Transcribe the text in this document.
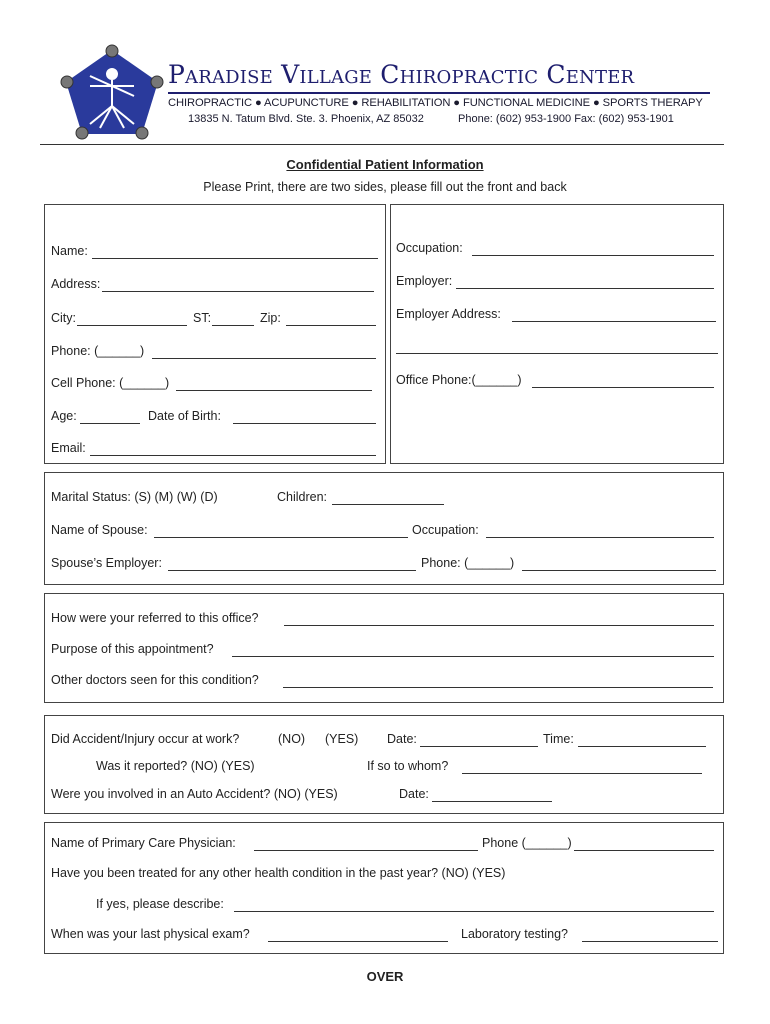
Paradise Village Chiropractic Center
CHIROPRACTIC ● ACUPUNCTURE ● REHABILITATION ● FUNCTIONAL MEDICINE ● SPORTS THERAPY
13835 N. Tatum Blvd. Ste. 3. Phoenix, AZ 85032	Phone: (602) 953-1900 Fax: (602) 953-1901
Confidential Patient Information
Please Print, there are two sides, please fill out the front and back
Name:
Address:
City:	ST:	Zip:
Phone: (______)
Cell Phone: (______)
Age:	Date of Birth:
Email:
Occupation:
Employer:
Employer Address:
Office Phone:(______)
Marital Status: (S) (M) (W) (D)	Children:
Name of Spouse:	Occupation:
Spouse’s Employer:	Phone: (______)
How were your referred to this office?
Purpose of this appointment?
Other doctors seen for this condition?
Did Accident/Injury occur at work?	(NO) (YES) Date:	Time:
Was it reported? (NO) (YES)	If so to whom?
Were you involved in an Auto Accident? (NO) (YES)	Date:
Name of Primary Care Physician:	Phone (______)
Have you been treated for any other health condition in the past year? (NO) (YES)
If yes, please describe:
When was your last physical exam?	Laboratory testing?
OVER
